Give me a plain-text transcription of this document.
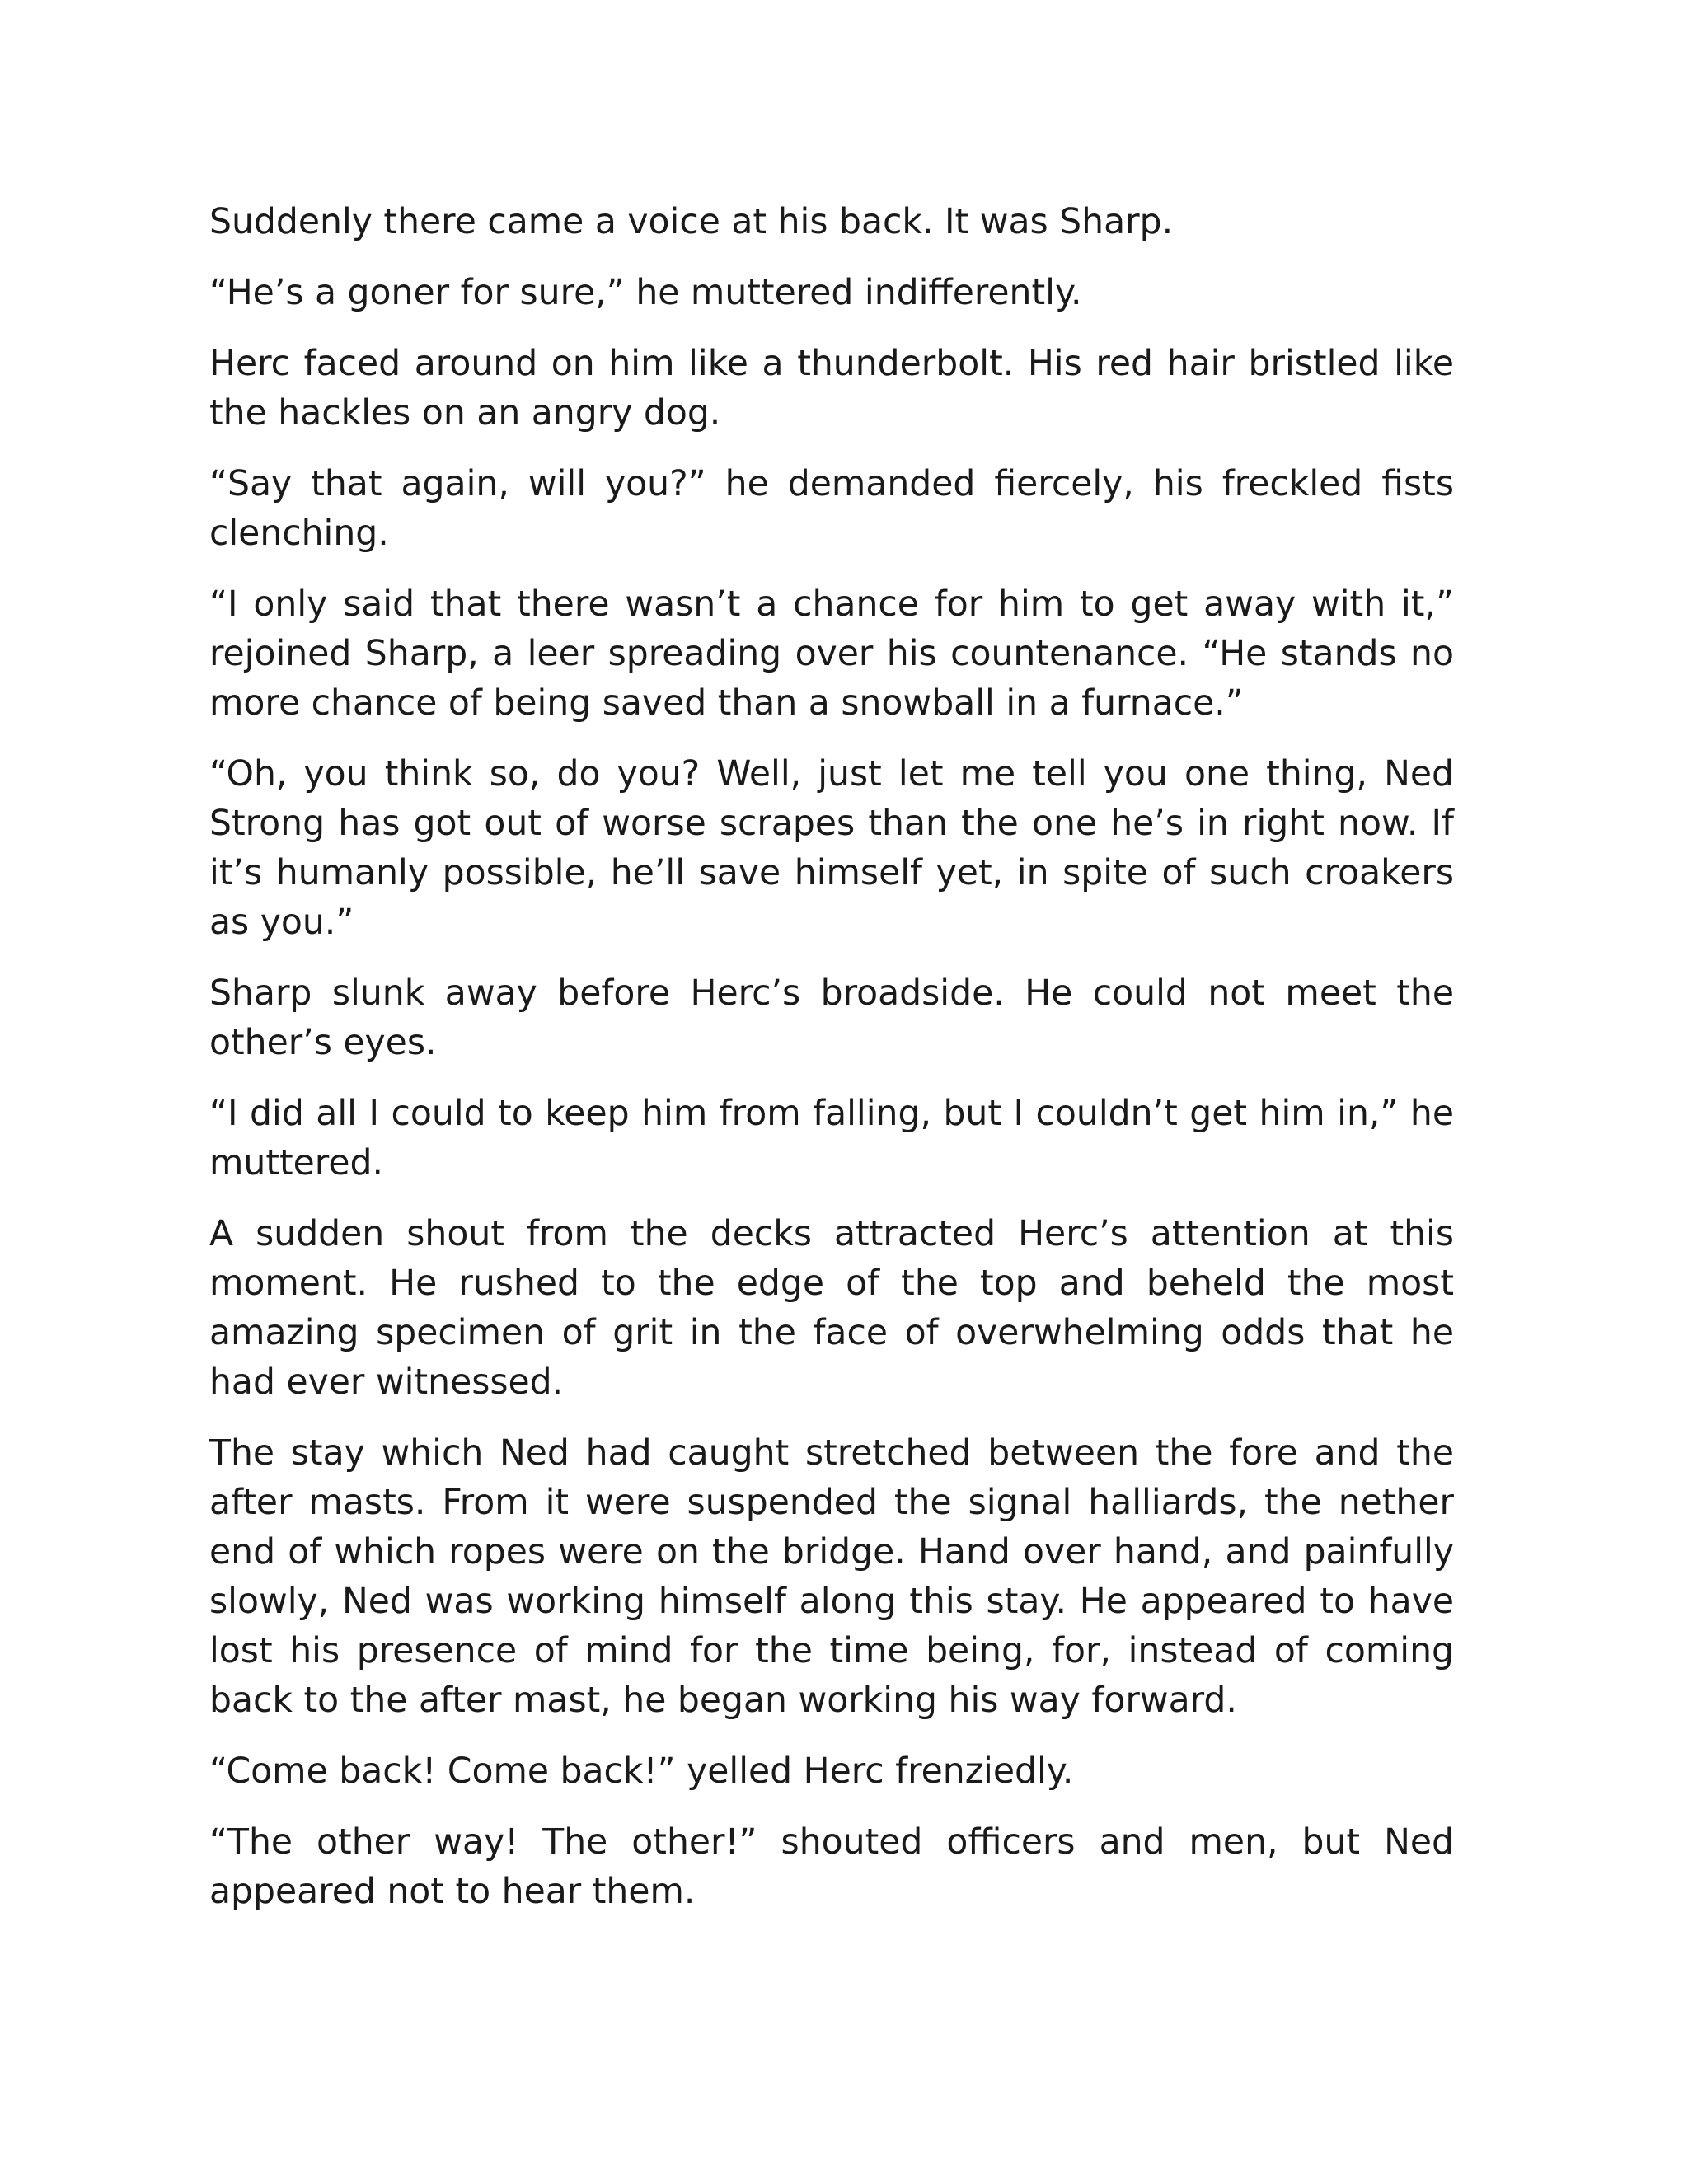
Suddenly there came a voice at his back. It was Sharp.

“He’s a goner for sure,” he muttered indifferently.

Herc faced around on him like a thunderbolt. His red hair bristled like the hackles on an angry dog.

“Say that again, will you?” he demanded fiercely, his freckled fists clenching.

“I only said that there wasn’t a chance for him to get away with it,” rejoined Sharp, a leer spreading over his countenance. “He stands no more chance of being saved than a snowball in a furnace.”

“Oh, you think so, do you? Well, just let me tell you one thing, Ned Strong has got out of worse scrapes than the one he’s in right now. If it’s humanly possible, he’ll save himself yet, in spite of such croakers as you.”

Sharp slunk away before Herc’s broadside. He could not meet the other’s eyes.

“I did all I could to keep him from falling, but I couldn’t get him in,” he muttered.

A sudden shout from the decks attracted Herc’s attention at this moment. He rushed to the edge of the top and beheld the most amazing specimen of grit in the face of overwhelming odds that he had ever witnessed.

The stay which Ned had caught stretched between the fore and the after masts. From it were suspended the signal halliards, the nether end of which ropes were on the bridge. Hand over hand, and painfully slowly, Ned was working himself along this stay. He appeared to have lost his presence of mind for the time being, for, instead of coming back to the after mast, he began working his way forward.

“Come back! Come back!” yelled Herc frenziedly.

“The other way! The other!” shouted officers and men, but Ned appeared not to hear them.
